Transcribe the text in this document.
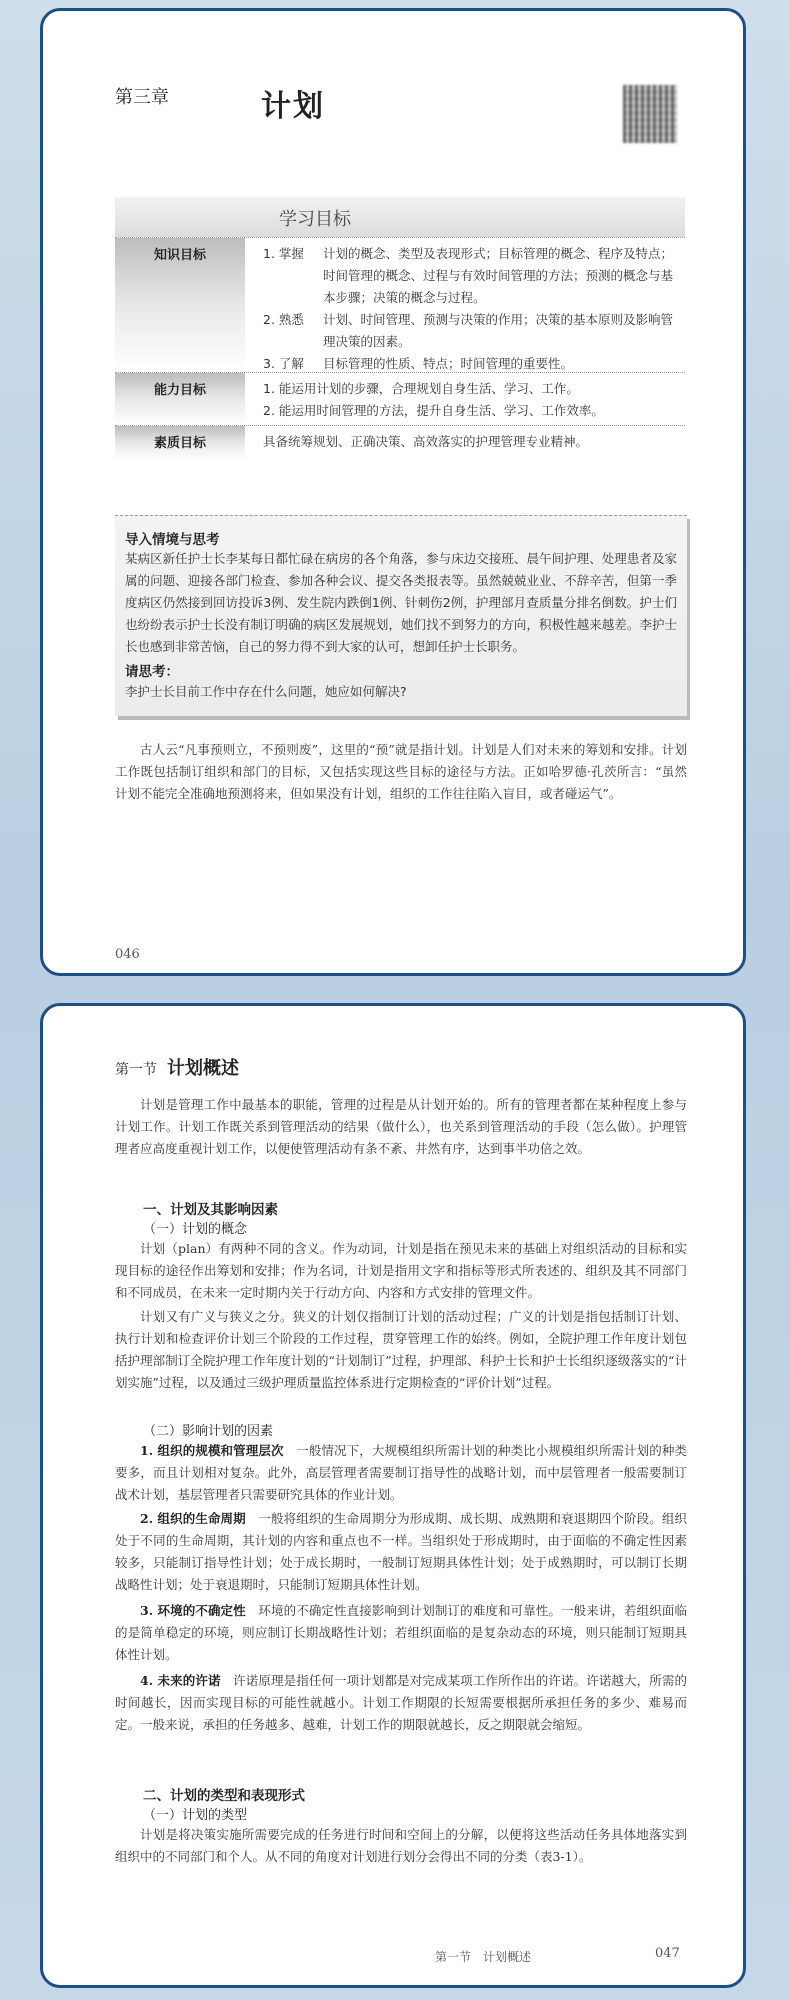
第三章	计划
学习目标
知识目标	1. 掌握	计划的概念、类型及表现形式；目标管理的概念、程序及特点；时间管理的概念、过程与有效时间管理的方法；预测的概念与基本步骤；决策的概念与过程。
2. 熟悉	计划、时间管理、预测与决策的作用；决策的基本原则及影响管理决策的因素。
3. 了解	目标管理的性质、特点；时间管理的重要性。
能力目标	1. 能运用计划的步骤，合理规划自身生活、学习、工作。
2. 能运用时间管理的方法，提升自身生活、学习、工作效率。
素质目标	具备统筹规划、正确决策、高效落实的护理管理专业精神。
导入情境与思考
某病区新任护士长李某每日都忙碌在病房的各个角落，参与床边交接班、晨午间护理、处理患者及家属的问题、迎接各部门检查、参加各种会议、提交各类报表等。虽然兢兢业业、不辞辛苦，但第一季度病区仍然接到回访投诉3例、发生院内跌倒1例、针刺伤2例，护理部月查质量分排名倒数。护士们也纷纷表示护士长没有制订明确的病区发展规划，她们找不到努力的方向，积极性越来越差。李护士长也感到非常苦恼，自己的努力得不到大家的认可，想卸任护士长职务。
请思考：
李护士长目前工作中存在什么问题，她应如何解决?
古人云“凡事预则立，不预则废”，这里的“预”就是指计划。计划是人们对未来的筹划和安排。计划工作既包括制订组织和部门的目标，又包括实现这些目标的途径与方法。正如哈罗德·孔茨所言：“虽然计划不能完全准确地预测将来，但如果没有计划，组织的工作往往陷入盲目，或者碰运气”。
046
第一节 计划概述
计划是管理工作中最基本的职能，管理的过程是从计划开始的。所有的管理者都在某种程度上参与计划工作。计划工作既关系到管理活动的结果（做什么），也关系到管理活动的手段（怎么做）。护理管理者应高度重视计划工作，以便使管理活动有条不紊、井然有序，达到事半功倍之效。
一、计划及其影响因素
（一）计划的概念
计划（plan）有两种不同的含义。作为动词，计划是指在预见未来的基础上对组织活动的目标和实现目标的途径作出筹划和安排；作为名词，计划是指用文字和指标等形式所表述的、组织及其不同部门和不同成员，在未来一定时期内关于行动方向、内容和方式安排的管理文件。
计划又有广义与狭义之分。狭义的计划仅指制订计划的活动过程；广义的计划是指包括制订计划、执行计划和检查评价计划三个阶段的工作过程，贯穿管理工作的始终。例如，全院护理工作年度计划包括护理部制订全院护理工作年度计划的“计划制订”过程，护理部、科护士长和护士长组织逐级落实的“计划实施”过程，以及通过三级护理质量监控体系进行定期检查的“评价计划”过程。
（二）影响计划的因素
1. 组织的规模和管理层次　 一般情况下，大规模组织所需计划的种类比小规模组织所需计划的种类要多，而且计划相对复杂。此外，高层管理者需要制订指导性的战略计划，而中层管理者一般需要制订战术计划，基层管理者只需要研究具体的作业计划。
2. 组织的生命周期　 一般将组织的生命周期分为形成期、成长期、成熟期和衰退期四个阶段。组织处于不同的生命周期，其计划的内容和重点也不一样。当组织处于形成期时，由于面临的不确定性因素较多，只能制订指导性计划；处于成长期时，一般制订短期具体性计划；处于成熟期时，可以制订长期战略性计划；处于衰退期时，只能制订短期具体性计划。
3. 环境的不确定性　 环境的不确定性直接影响到计划制订的难度和可靠性。一般来讲，若组织面临的是简单稳定的环境，则应制订长期战略性计划；若组织面临的是复杂动态的环境，则只能制订短期具体性计划。
4. 未来的许诺　 许诺原理是指任何一项计划都是对完成某项工作所作出的许诺。许诺越大，所需的时间越长，因而实现目标的可能性就越小。计划工作期限的长短需要根据所承担任务的多少、难易而定。一般来说，承担的任务越多、越难，计划工作的期限就越长，反之期限就会缩短。
二、计划的类型和表现形式
（一）计划的类型
计划是将决策实施所需要完成的任务进行时间和空间上的分解，以便将这些活动任务具体地落实到组织中的不同部门和个人。从不同的角度对计划进行划分会得出不同的分类（表3-1）。
第一节　计划概述	047
